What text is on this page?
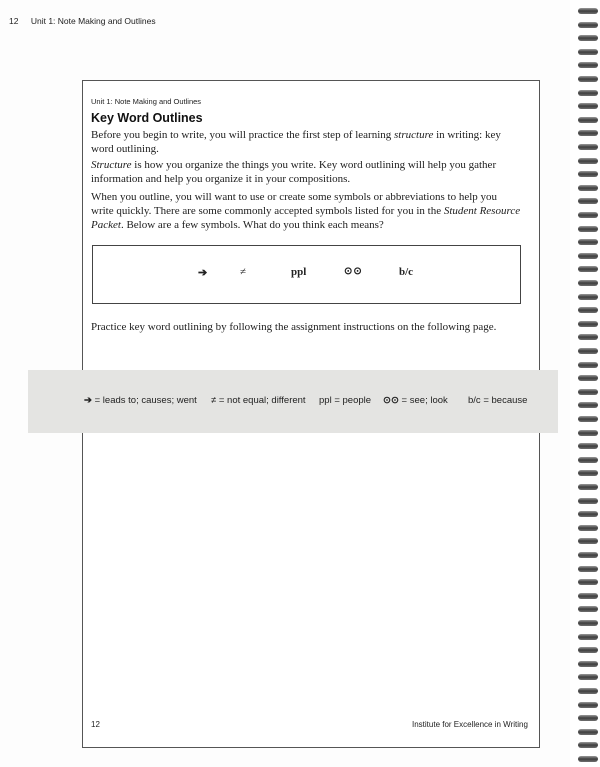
12 Unit 1: Note Making and Outlines
Unit 1: Note Making and Outlines
Key Word Outlines
Before you begin to write, you will practice the first step of learning structure in writing: key word outlining.
Structure is how you organize the things you write. Key word outlining will help you gather information and help you organize it in your compositions.
When you outline, you will want to use or create some symbols or abbreviations to help you write quickly. There are some commonly accepted symbols listed for you in the Student Resource Packet. Below are a few symbols. What do you think each means?
➔	≠	ppl	⊙⊙	b/c
Practice key word outlining by following the assignment instructions on the following page.
➔ = leads to; causes; went ≠ = not equal; different ppl = people ⊙⊙ = see; look b/c = because
12	Institute for Excellence in Writing
